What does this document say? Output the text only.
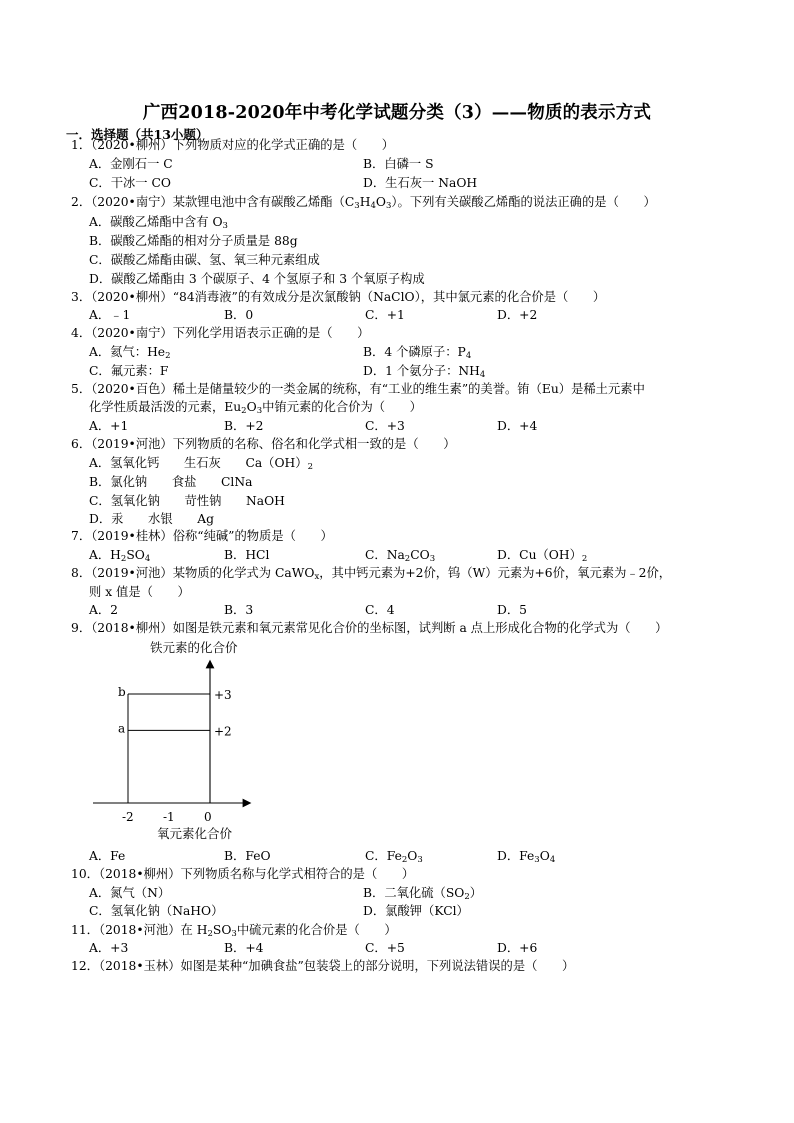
广西2018-2020年中考化学试题分类（3）——物质的表示方式
一．选择题（共13小题）
1．（2020•柳州）下列物质对应的化学式正确的是（　　）
A．金刚石一 C	B．白磷一 S
C．干冰一 CO	D．生石灰一 NaOH
2．（2020•南宁）某款锂电池中含有碳酸乙烯酯$(C_3H_4O_3)$。下列有关碳酸乙烯酯的说法正确的是（　　）
A．碳酸乙烯酯中含有 $O_3$
B．碳酸乙烯酯的相对分子质量是 88g
C．碳酸乙烯酯由碳、氢、氧三种元素组成
D．碳酸乙烯酯由 3 个碳原子、4 个氢原子和 3 个氧原子构成
3．（2020•柳州）“84消毒液”的有效成分是次氯酸钠（NaClO），其中氯元素的化合价是（　　）
A．﹣1	B．0	C．+1	D．+2
4．（2020•南宁）下列化学用语表示正确的是（　　）
A．氦气：$He_2$	B．4 个磷原子：$P_4$
C．氟元素：F	D．1 个氨分子：$NH_4$
5．（2020•百色）稀土是储量较少的一类金属的统称，有“工业的维生素”的美誉。铕（Eu）是稀土元素中
化学性质最活泼的元素，$Eu_2O_3$中铕元素的化合价为（　　）
A．+1	B．+2	C．+3	D．+4
6．（2019•河池）下列物质的名称、俗名和化学式相一致的是（　　）
A．氢氧化钙　　生石灰　　$Ca(OH)_2$
B．氯化钠　　食盐　　ClNa
C．氢氧化钠　　苛性钠　　NaOH
D．汞　　水银　　Ag
7．（2019•桂林）俗称“纯碱”的物质是（　　）
A．$H_2SO_4$	B．HCl	C．$Na_2CO_3$	D．$Cu(OH)_2$
8．（2019•河池）某物质的化学式为 CaWO$_x$，其中钙元素为+2价，钨（W）元素为+6价，氧元素为﹣2价，
则 x 值是（　　）
A．2	B．3	C．4	D．5
9．（2018•柳州）如图是铁元素和氧元素常见化合价的坐标图，试判断 a 点上形成化合物的化学式为（　　）
铁元素的化合价
氧元素化合价
-2 -1 0
+2
+3
a
b
A．Fe	B．FeO	C．$Fe_2O_3$	D．$Fe_3O_4$
10．（2018•柳州）下列物质名称与化学式相符合的是（　　）
A．氮气（N）	B．二氧化硫$(SO_2)$
C．氢氧化钠（NaHO）	D．氯酸钾（KCl）
11．（2018•河池）在 $H_2SO_3$中硫元素的化合价是（　　）
A．+3	B．+4	C．+5	D．+6
12．（2018•玉林）如图是某种“加碘食盐”包装袋上的部分说明，下列说法错误的是（　　）
